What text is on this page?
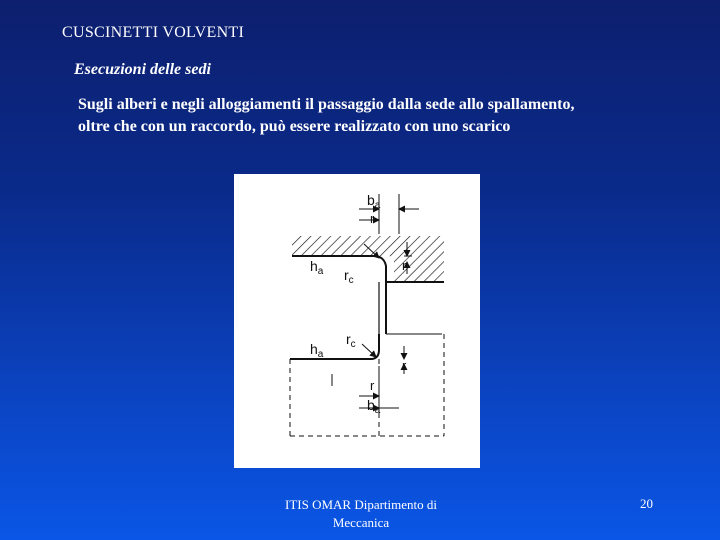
CUSCINETTI VOLVENTI
Esecuzioni delle sedi
Sugli alberi e negli alloggiamenti il passaggio dalla sede allo spallamento,
oltre che con un raccordo, può essere realizzato con uno scarico
$b_a$
r
$h_a$ $r_c$
r
$r_c$
$h_a$
r
r
$b_a$
ITIS OMAR Dipartimento di
Meccanica
20
